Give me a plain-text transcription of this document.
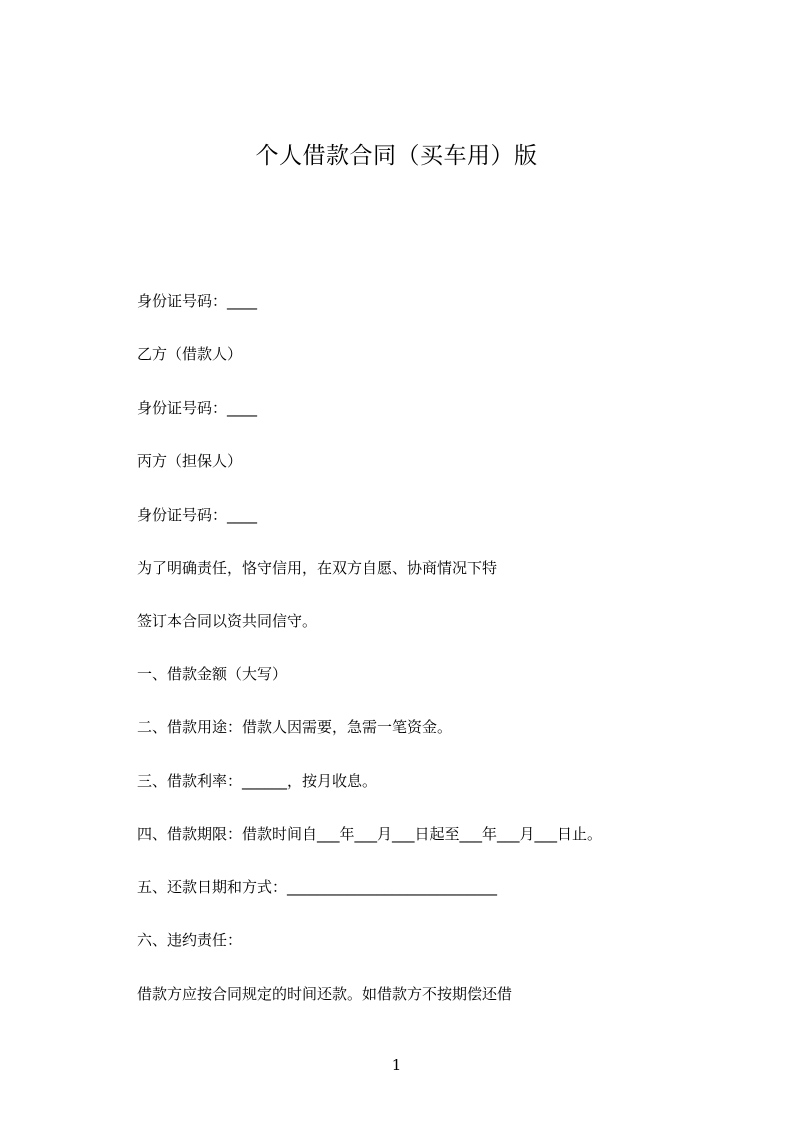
个人借款合同（买车用）版
身份证号码：____
乙方（借款人）
身份证号码：____
丙方（担保人）
身份证号码：____
为了明确责任，恪守信用，在双方自愿、协商情况下特
签订本合同以资共同信守。
一、借款金额（大写）
二、借款用途：借款人因需要，急需一笔资金。
三、借款利率：______，按月收息。
四、借款期限：借款时间自___年___月___日起至___年___月___日止。
五、还款日期和方式：____________________________
六、违约责任：
借款方应按合同规定的时间还款。如借款方不按期偿还借
1
